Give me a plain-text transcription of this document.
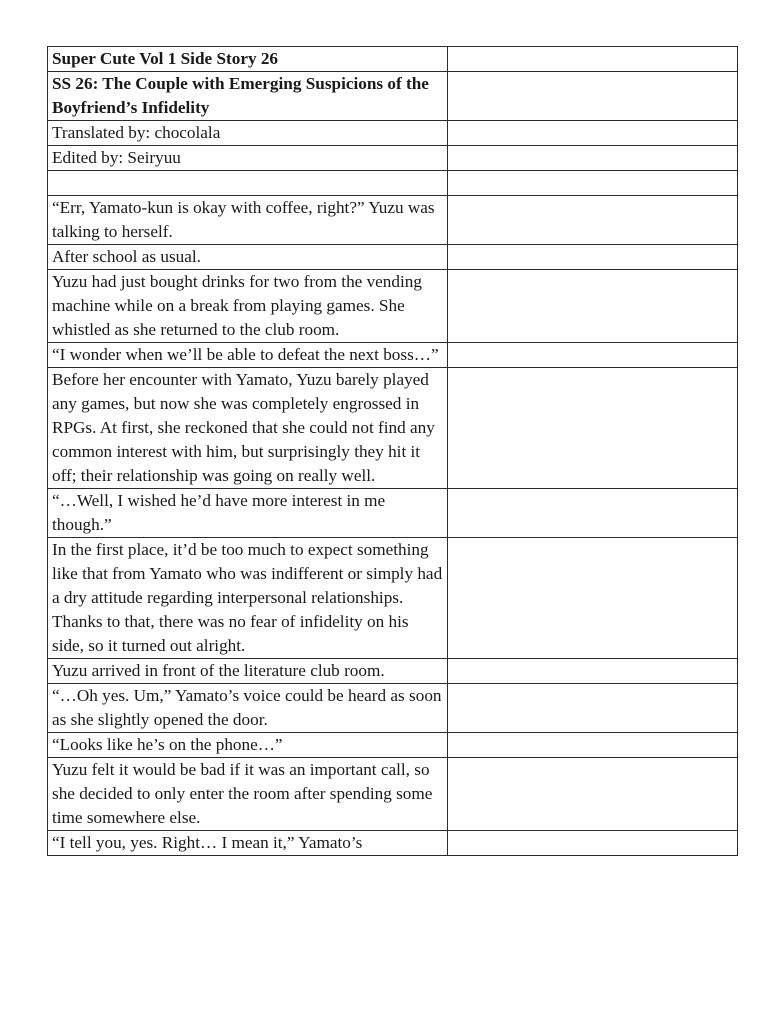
Super Cute Vol 1 Side Story 26	
SS 26: The Couple with Emerging Suspicions of the Boyfriend’s Infidelity	
Translated by: chocolala	
Edited by: Seiryuu	

“Err, Yamato-kun is okay with coffee, right?” Yuzu was talking to herself.	
After school as usual.	
Yuzu had just bought drinks for two from the vending machine while on a break from playing games. She whistled as she returned to the club room.	
“I wonder when we’ll be able to defeat the next boss…”	
Before her encounter with Yamato, Yuzu barely played any games, but now she was completely engrossed in RPGs. At first, she reckoned that she could not find any common interest with him, but surprisingly they hit it off; their relationship was going on really well.	
“…Well, I wished he’d have more interest in me though.”	
In the first place, it’d be too much to expect something like that from Yamato who was indifferent or simply had a dry attitude regarding interpersonal relationships. Thanks to that, there was no fear of infidelity on his side, so it turned out alright.	
Yuzu arrived in front of the literature club room.	
“…Oh yes. Um,” Yamato’s voice could be heard as soon as she slightly opened the door.	
“Looks like he’s on the phone…”	
Yuzu felt it would be bad if it was an important call, so she decided to only enter the room after spending some time somewhere else.	
“I tell you, yes. Right… I mean it,” Yamato’s	
